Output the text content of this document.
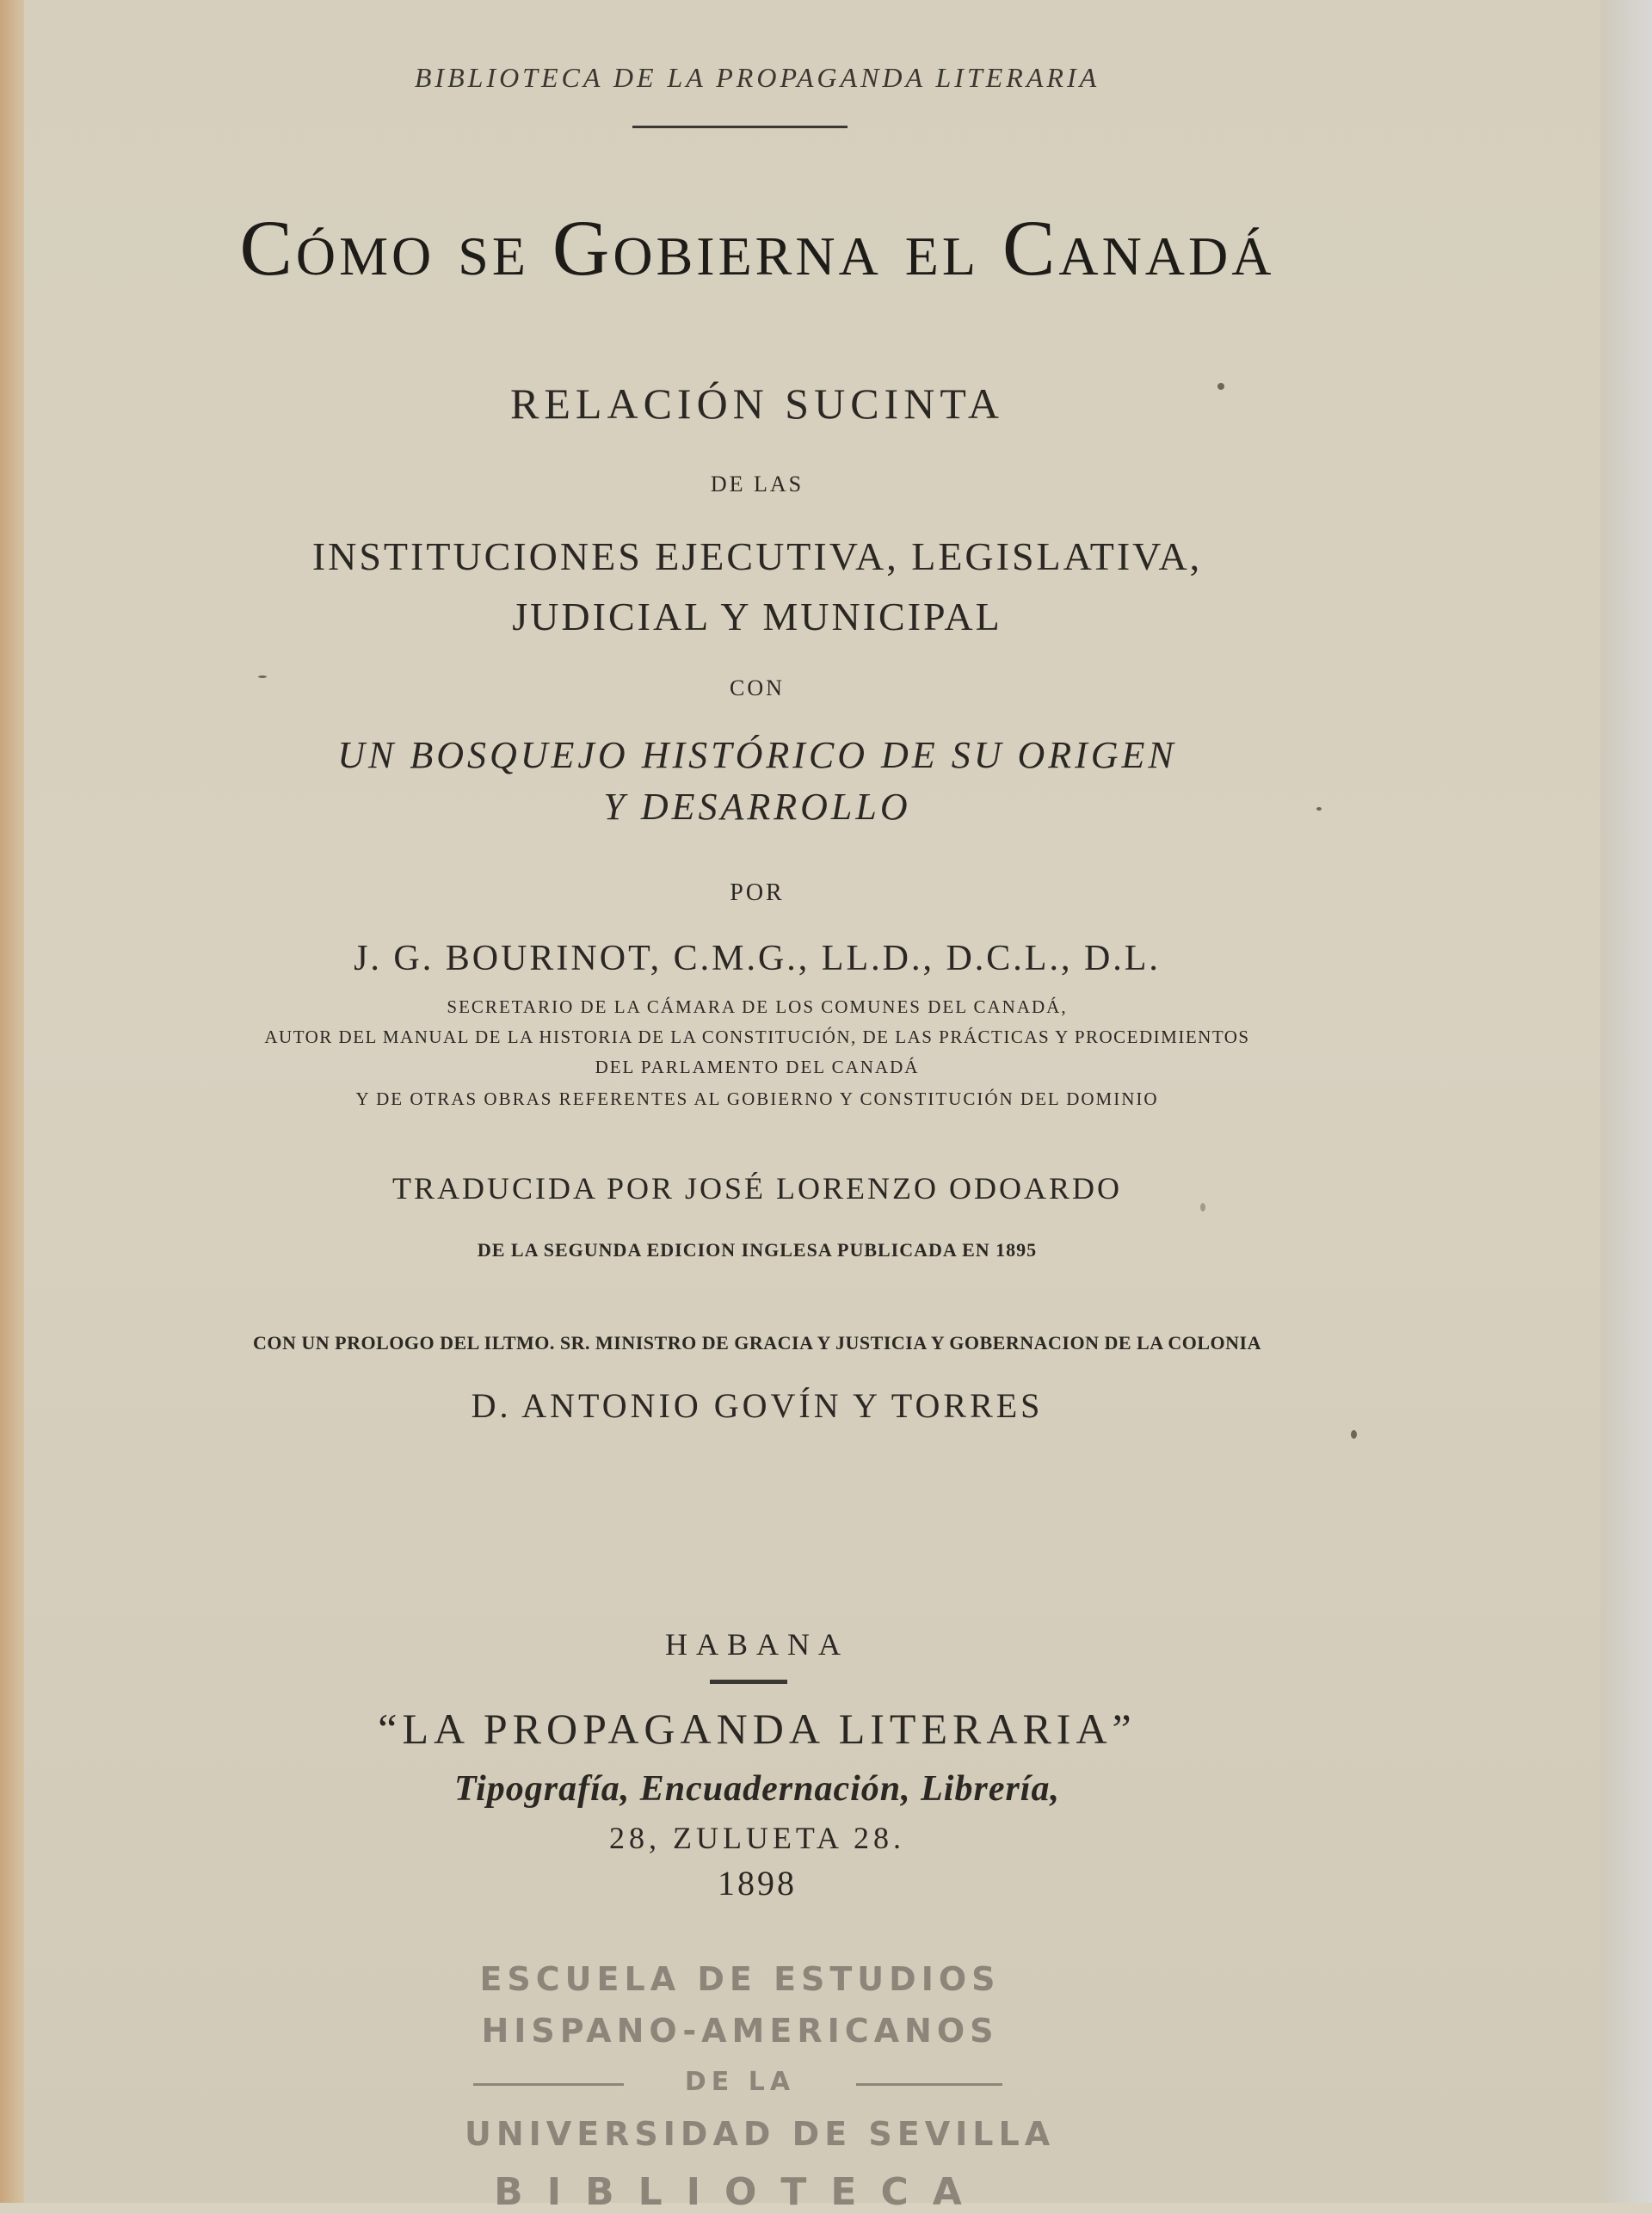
BIBLIOTECA DE LA PROPAGANDA LITERARIA
Cómo se Gobierna el Canadá
RELACIÓN SUCINTA
DE LAS
INSTITUCIONES EJECUTIVA, LEGISLATIVA,
JUDICIAL Y MUNICIPAL
CON
UN BOSQUEJO HISTÓRICO DE SU ORIGEN
Y DESARROLLO
POR
J. G. BOURINOT, C.M.G., LL.D., D.C.L., D.L.
SECRETARIO DE LA CÁMARA DE LOS COMUNES DEL CANADÁ,
AUTOR DEL MANUAL DE LA HISTORIA DE LA CONSTITUCIÓN, DE LAS PRÁCTICAS Y PROCEDIMIENTOS
DEL PARLAMENTO DEL CANADÁ
Y DE OTRAS OBRAS REFERENTES AL GOBIERNO Y CONSTITUCIÓN DEL DOMINIO
TRADUCIDA POR JOSÉ LORENZO ODOARDO
DE LA SEGUNDA EDICION INGLESA PUBLICADA EN 1895
CON UN PROLOGO DEL ILTMO. SR. MINISTRO DE GRACIA Y JUSTICIA Y GOBERNACION DE LA COLONIA
D. ANTONIO GOVÍN Y TORRES
HABANA
“LA PROPAGANDA LITERARIA”
Tipografía, Encuadernación, Librería,
28, ZULUETA 28.
1898
ESCUELA DE ESTUDIOS
HISPANO-AMERICANOS
DE LA
UNIVERSIDAD DE SEVILLA
BIBLIOTECA
